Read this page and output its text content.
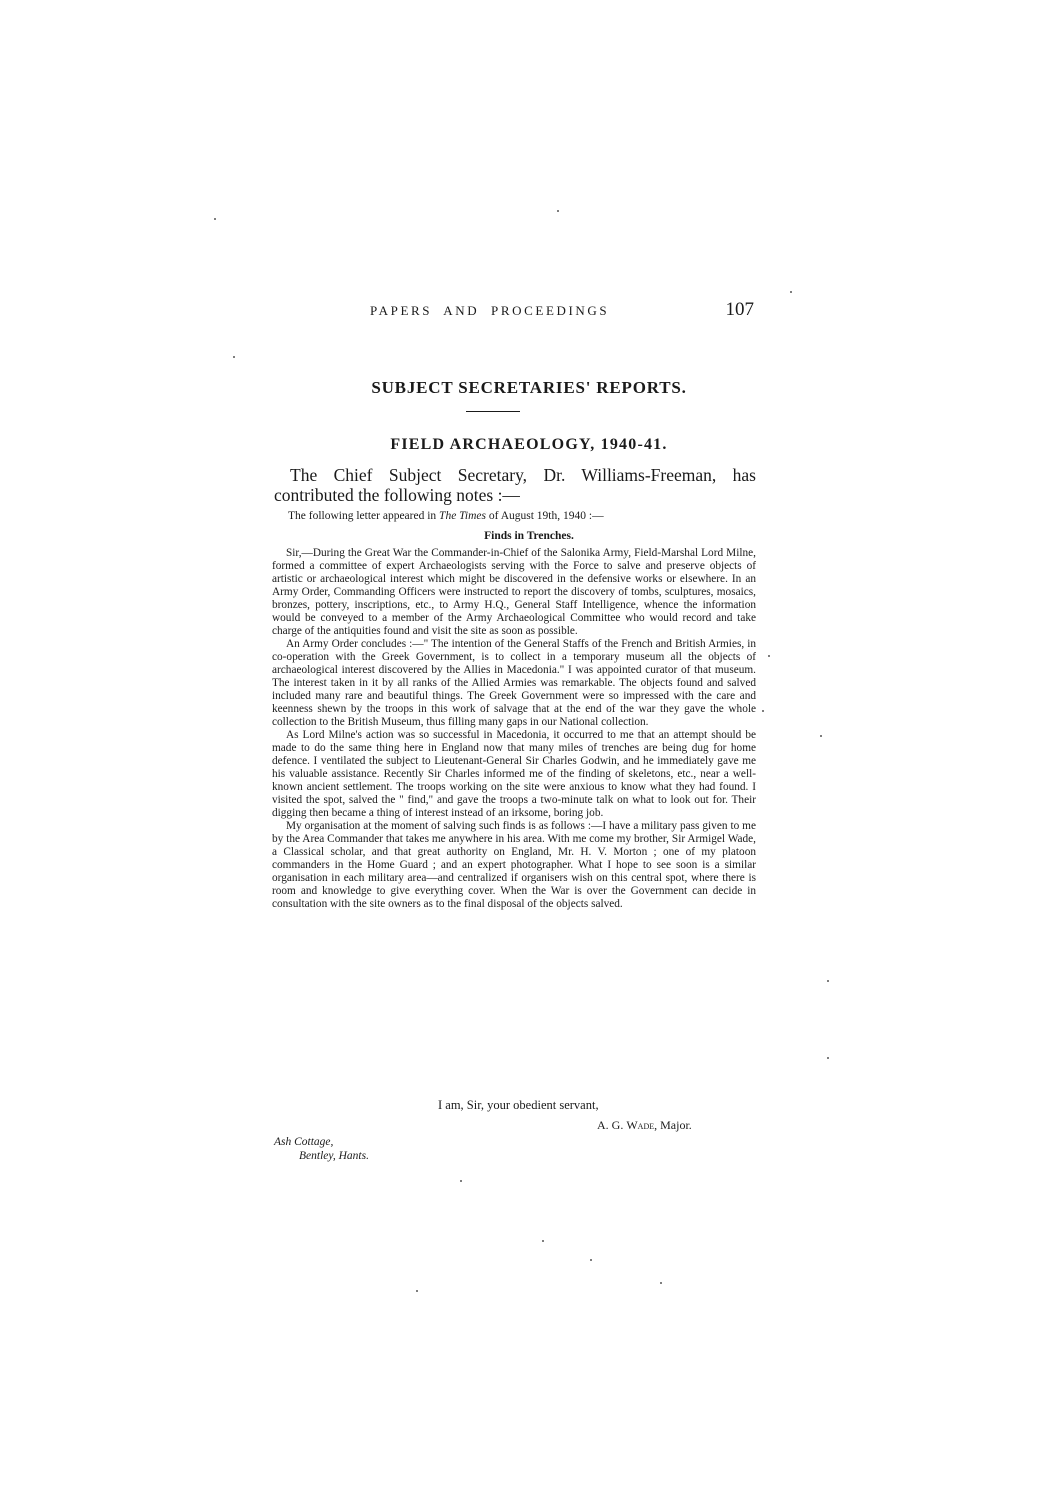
PAPERS AND PROCEEDINGS	107
SUBJECT SECRETARIES' REPORTS.
FIELD ARCHAEOLOGY, 1940-41.

The Chief Subject Secretary, Dr. Williams-Freeman, has contributed the following notes :—

The following letter appeared in The Times of August 19th, 1940 :—

Finds in Trenches.

Sir,—During the Great War the Commander-in-Chief of the Salonika Army, Field-Marshal Lord Milne, formed a committee of expert Archaeologists serving with the Force to salve and preserve objects of artistic or archaeological interest which might be discovered in the defensive works or elsewhere. In an Army Order, Commanding Officers were instructed to report the discovery of tombs, sculptures, mosaics, bronzes, pottery, inscriptions, etc., to Army H.Q., General Staff Intelligence, whence the information would be conveyed to a member of the Army Archaeological Committee who would record and take charge of the antiquities found and visit the site as soon as possible.

An Army Order concludes :—" The intention of the General Staffs of the French and British Armies, in co-operation with the Greek Government, is to collect in a temporary museum all the objects of archaeological interest discovered by the Allies in Macedonia." I was appointed curator of that museum. The interest taken in it by all ranks of the Allied Armies was remarkable. The objects found and salved included many rare and beautiful things. The Greek Government were so impressed with the care and keenness shewn by the troops in this work of salvage that at the end of the war they gave the whole collection to the British Museum, thus filling many gaps in our National collection.

As Lord Milne's action was so successful in Macedonia, it occurred to me that an attempt should be made to do the same thing here in England now that many miles of trenches are being dug for home defence. I ventilated the subject to Lieutenant-General Sir Charles Godwin, and he immediately gave me his valuable assistance. Recently Sir Charles informed me of the finding of skeletons, etc., near a well-known ancient settlement. The troops working on the site were anxious to know what they had found. I visited the spot, salved the " find," and gave the troops a two-minute talk on what to look out for. Their digging then became a thing of interest instead of an irksome, boring job.

My organisation at the moment of salving such finds is as follows :—I have a military pass given to me by the Area Commander that takes me anywhere in his area. With me come my brother, Sir Armigel Wade, a Classical scholar, and that great authority on England, Mr. H. V. Morton ; one of my platoon commanders in the Home Guard ; and an expert photographer. What I hope to see soon is a similar organisation in each military area—and centralized if organisers wish on this central spot, where there is room and knowledge to give everything cover. When the War is over the Government can decide in consultation with the site owners as to the final disposal of the objects salved.

I am, Sir, your obedient servant,

A. G. Wade, Major.

Ash Cottage,
Bentley, Hants.
